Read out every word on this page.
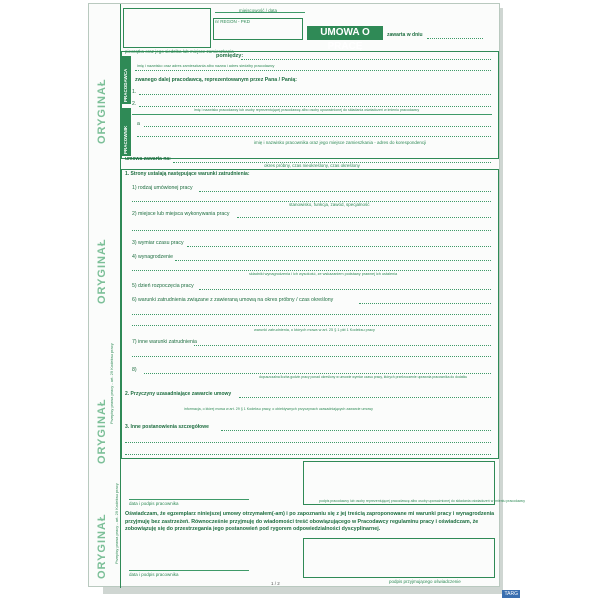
ORYGINAŁ
ORYGINAŁ
ORYGINAŁ
ORYGINAŁ
Przepisy prawa pracy - art. 29 Kodeksu pracy
Przepisy prawa pracy - art. 29 Kodeksu pracy
pieczątka oraz jego siedziba lub miejsce zamieszkania
miejscowość / data
nr REGON - PKD
UMOWA O PRACĘ
zawarta w dniu
PRACODAWCA
PRACOWNIK
pomiędzy:
imię i nazwisko oraz adres zamieszkania albo nazwa i adres siedziby pracodawcy
zwanego dalej pracodawcą, reprezentowanym przez Pana / Panią:
1.
2.
imię i nazwisko pracodawcy lub osoby reprezentującej pracodawcę albo osoby upoważnionej do składania oświadczeń w imieniu pracodawcy
a
imię i nazwisko pracownika oraz jego miejsce zamieszkania - adres do korespondencji
umowa zawarta na:
okres próbny, czas nieokreślony, czas określony
1. Strony ustalają następujące warunki zatrudnienia:
1) rodzaj umówionej pracy
stanowisko, funkcja, zawód, specjalność
2) miejsce lub miejsca wykonywania pracy
3) wymiar czasu pracy
4) wynagrodzenie
składniki wynagrodzenia i ich wysokość, ze wskazaniem podstawy prawnej ich ustalenia
5) dzień rozpoczęcia pracy
6) warunki zatrudnienia związane z zawieraną umową na okres próbny / czas określony
warunki zatrudnienia, o których mowa w art. 25 § 1 pkt 1 Kodeksu pracy
7) inne warunki zatrudnienia
8)
dopuszczalna liczba godzin pracy ponad określony w umowie wymiar czasu pracy, których przekroczenie uprawnia pracownika do dodatku
2. Przyczyny uzasadniające zawarcie umowy
informacja, o której mowa w art. 29 § 1 Kodeksu pracy, o obiektywnych przyczynach uzasadniających zawarcie umowy
3. Inne postanowienia szczegółowe
data i podpis pracownika	podpis pracodawcy lub osoby reprezentującej pracodawcę albo osoby upoważnionej do składania oświadczeń w imieniu pracodawcy
Oświadczam, że egzemplarz niniejszej umowy otrzymałem(-am) i po zapoznaniu się z jej treścią zaproponowane mi warunki pracy i wynagrodzenia przyjmuję bez zastrzeżeń. Równocześnie przyjmuję do wiadomości treść obowiązującego w Pracodawcy regulaminu pracy i oświadczam, że zobowiązuję się do przestrzegania jego postanowień pod rygorem odpowiedzialności dyscyplinarnej.
data i podpis pracownika
podpis przyjmującego oświadczenie
1 / 2
TARG
